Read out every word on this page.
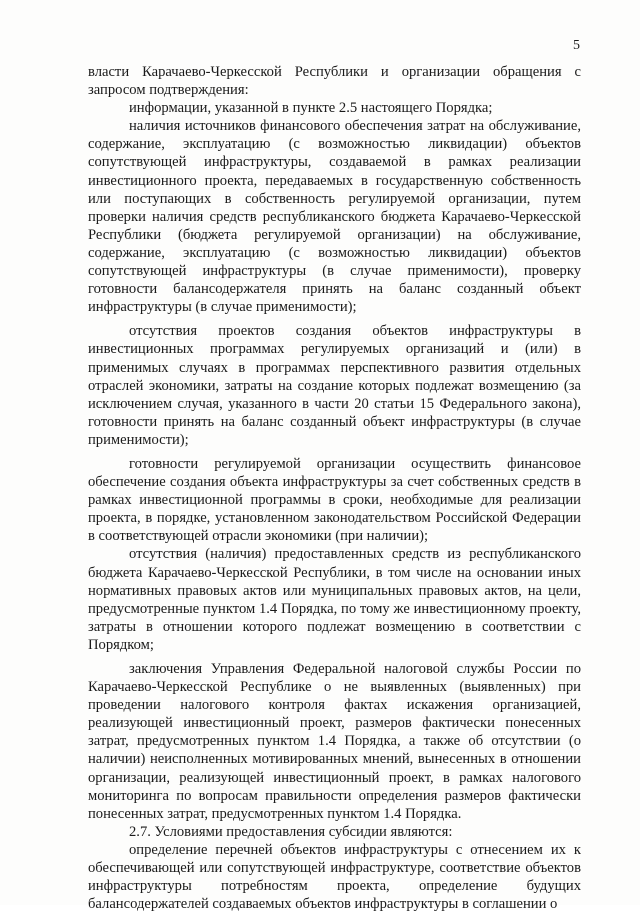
5

власти Карачаево-Черкесской Республики и организации обращения с запросом подтверждения:

информации, указанной в пункте 2.5 настоящего Порядка;

наличия источников финансового обеспечения затрат на обслуживание, содержание, эксплуатацию (с возможностью ликвидации) объектов сопутствующей инфраструктуры, создаваемой в рамках реализации инвестиционного проекта, передаваемых в государственную собственность или поступающих в собственность регулируемой организации, путем проверки наличия средств республиканского бюджета Карачаево-Черкесской Республики (бюджета регулируемой организации) на обслуживание, содержание, эксплуатацию (с возможностью ликвидации) объектов сопутствующей инфраструктуры (в случае применимости), проверку готовности балансодержателя принять на баланс созданный объект инфраструктуры (в случае применимости);

отсутствия проектов создания объектов инфраструктуры в инвестиционных программах регулируемых организаций и (или) в применимых случаях в программах перспективного развития отдельных отраслей экономики, затраты на создание которых подлежат возмещению (за исключением случая, указанного в части 20 статьи 15 Федерального закона), готовности принять на баланс созданный объект инфраструктуры (в случае применимости);

готовности регулируемой организации осуществить финансовое обеспечение создания объекта инфраструктуры за счет собственных средств в рамках инвестиционной программы в сроки, необходимые для реализации проекта, в порядке, установленном законодательством Российской Федерации в соответствующей отрасли экономики (при наличии);

отсутствия (наличия) предоставленных средств из республиканского бюджета Карачаево-Черкесской Республики, в том числе на основании иных нормативных правовых актов или муниципальных правовых актов, на цели, предусмотренные пунктом 1.4 Порядка, по тому же инвестиционному проекту, затраты в отношении которого подлежат возмещению в соответствии с Порядком;

заключения Управления Федеральной налоговой службы России по Карачаево-Черкесской Республике о не выявленных (выявленных) при проведении налогового контроля фактах искажения организацией, реализующей инвестиционный проект, размеров фактически понесенных затрат, предусмотренных пунктом 1.4 Порядка, а также об отсутствии (о наличии) неисполненных мотивированных мнений, вынесенных в отношении организации, реализующей инвестиционный проект, в рамках налогового мониторинга по вопросам правильности определения размеров фактически понесенных затрат, предусмотренных пунктом 1.4 Порядка.

2.7. Условиями предоставления субсидии являются:

определение перечней объектов инфраструктуры с отнесением их к обеспечивающей или сопутствующей инфраструктуре, соответствие объектов инфраструктуры потребностям проекта, определение будущих балансодержателей создаваемых объектов инфраструктуры в соглашении о
